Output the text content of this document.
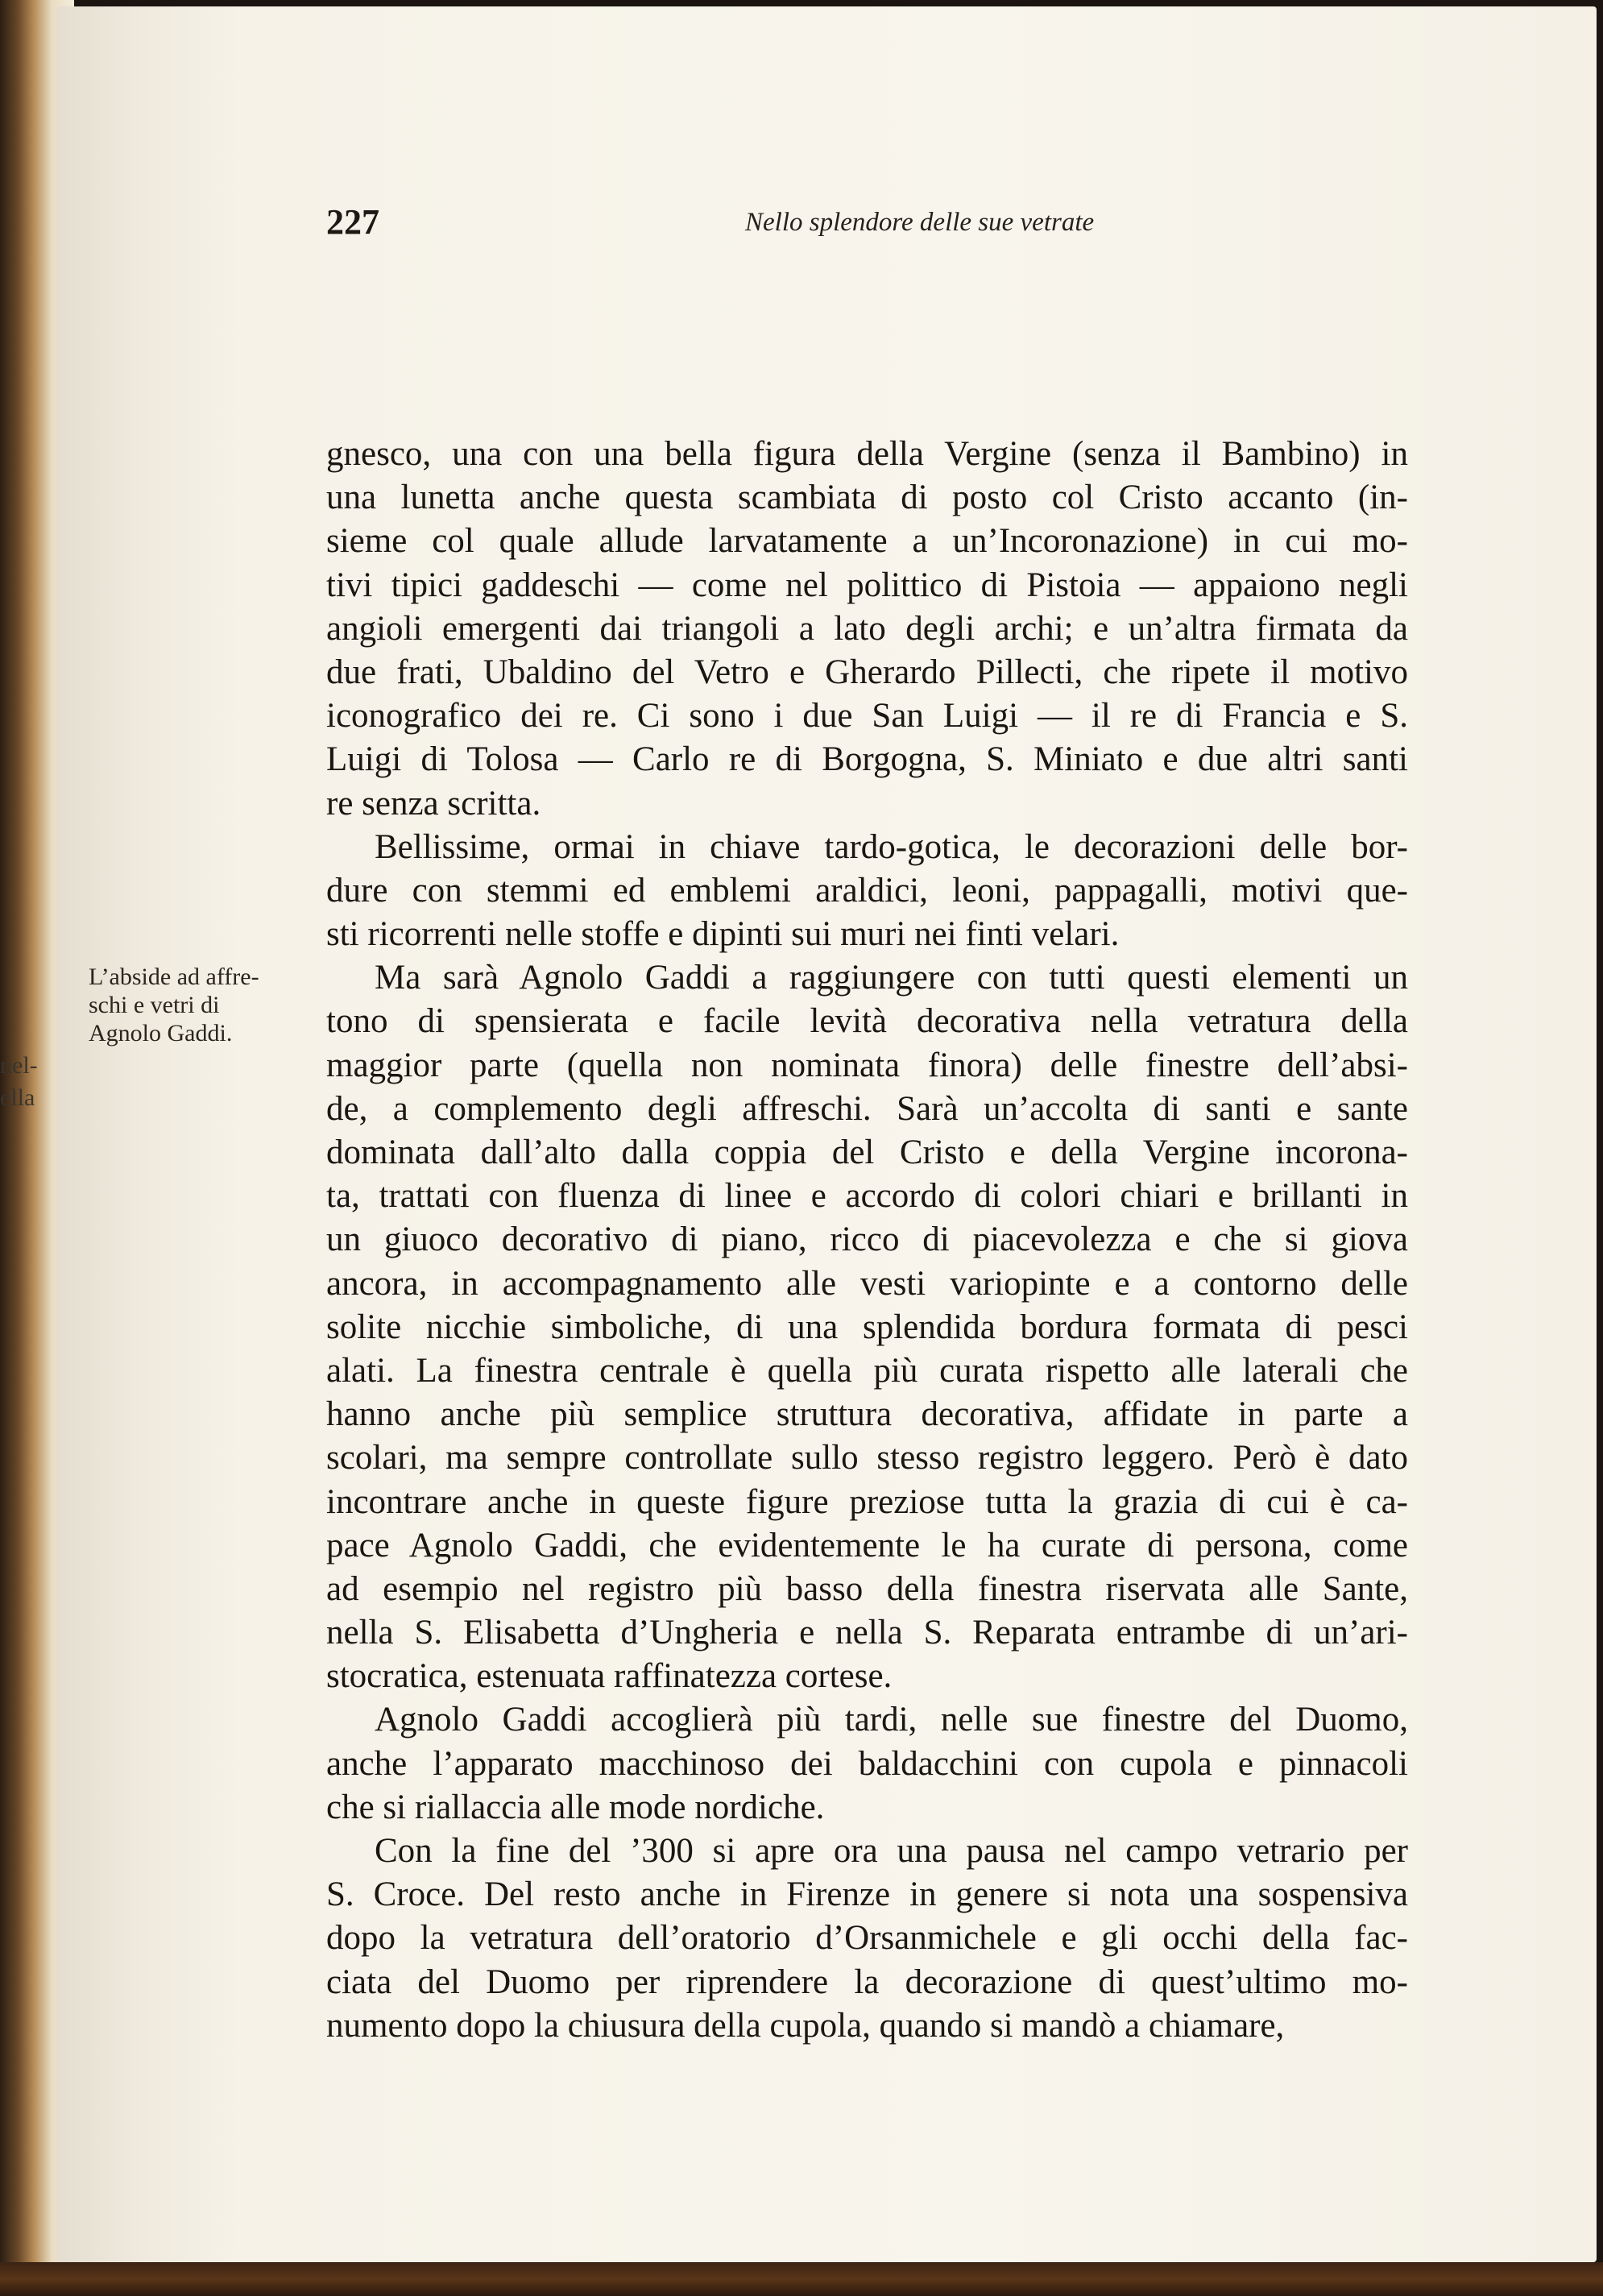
nel-
ella
227	Nello splendore delle sue vetrate
L’abside ad affre-
schi e vetri di
Agnolo Gaddi.
gnesco, una con una bella figura della Vergine (senza il Bambino) in
una lunetta anche questa scambiata di posto col Cristo accanto (in-
sieme col quale allude larvatamente a un’Incoronazione) in cui mo-
tivi tipici gaddeschi — come nel polittico di Pistoia — appaiono negli
angioli emergenti dai triangoli a lato degli archi; e un’altra firmata da
due frati, Ubaldino del Vetro e Gherardo Pillecti, che ripete il motivo
iconografico dei re. Ci sono i due San Luigi — il re di Francia e S.
Luigi di Tolosa — Carlo re di Borgogna, S. Miniato e due altri santi
re senza scritta.
Bellissime, ormai in chiave tardo-gotica, le decorazioni delle bor-
dure con stemmi ed emblemi araldici, leoni, pappagalli, motivi que-
sti ricorrenti nelle stoffe e dipinti sui muri nei finti velari.
Ma sarà Agnolo Gaddi a raggiungere con tutti questi elementi un
tono di spensierata e facile levità decorativa nella vetratura della
maggior parte (quella non nominata finora) delle finestre dell’absi-
de, a complemento degli affreschi. Sarà un’accolta di santi e sante
dominata dall’alto dalla coppia del Cristo e della Vergine incorona-
ta, trattati con fluenza di linee e accordo di colori chiari e brillanti in
un giuoco decorativo di piano, ricco di piacevolezza e che si giova
ancora, in accompagnamento alle vesti variopinte e a contorno delle
solite nicchie simboliche, di una splendida bordura formata di pesci
alati. La finestra centrale è quella più curata rispetto alle laterali che
hanno anche più semplice struttura decorativa, affidate in parte a
scolari, ma sempre controllate sullo stesso registro leggero. Però è dato
incontrare anche in queste figure preziose tutta la grazia di cui è ca-
pace Agnolo Gaddi, che evidentemente le ha curate di persona, come
ad esempio nel registro più basso della finestra riservata alle Sante,
nella S. Elisabetta d’Ungheria e nella S. Reparata entrambe di un’ari-
stocratica, estenuata raffinatezza cortese.
Agnolo Gaddi accoglierà più tardi, nelle sue finestre del Duomo,
anche l’apparato macchinoso dei baldacchini con cupola e pinnacoli
che si riallaccia alle mode nordiche.
Con la fine del ’300 si apre ora una pausa nel campo vetrario per
S. Croce. Del resto anche in Firenze in genere si nota una sospensiva
dopo la vetratura dell’oratorio d’Orsanmichele e gli occhi della fac-
ciata del Duomo per riprendere la decorazione di quest’ultimo mo-
numento dopo la chiusura della cupola, quando si mandò a chiamare,
